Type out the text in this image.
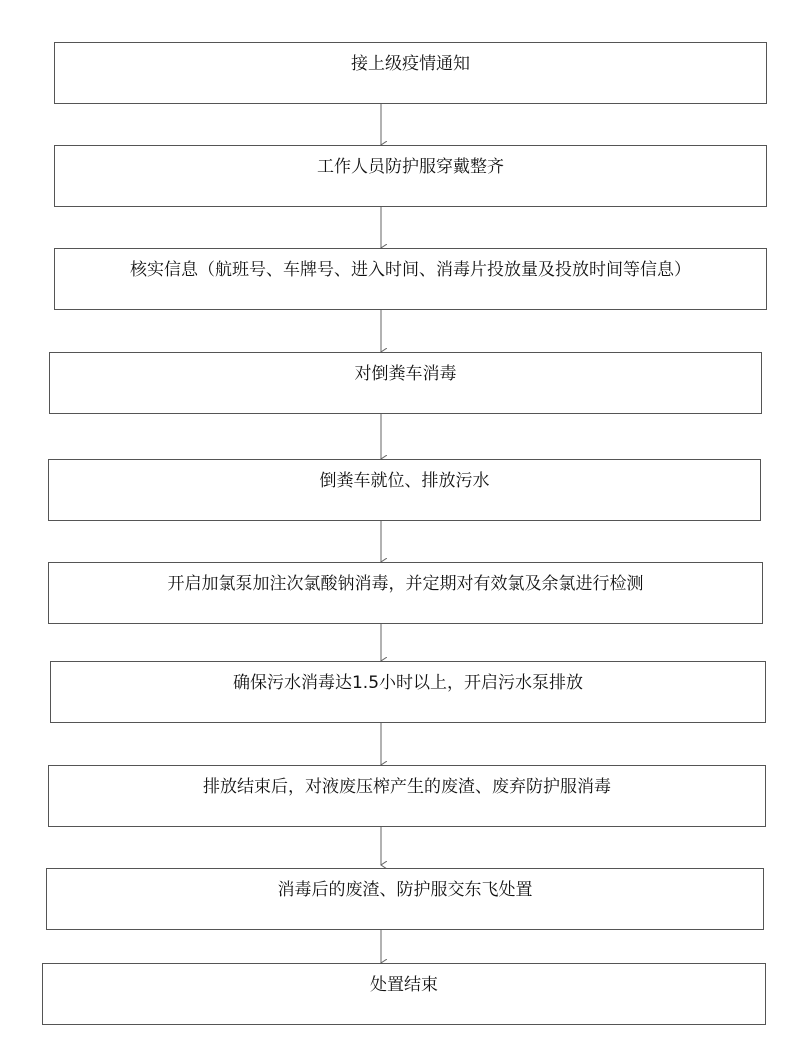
接上级疫情通知
工作人员防护服穿戴整齐
核实信息（航班号、车牌号、进入时间、消毒片投放量及投放时间等信息）
对倒粪车消毒
倒粪车就位、排放污水
开启加氯泵加注次氯酸钠消毒，并定期对有效氯及余氯进行检测
确保污水消毒达1.5小时以上，开启污水泵排放
排放结束后，对液废压榨产生的废渣、废弃防护服消毒
消毒后的废渣、防护服交东飞处置
处置结束
